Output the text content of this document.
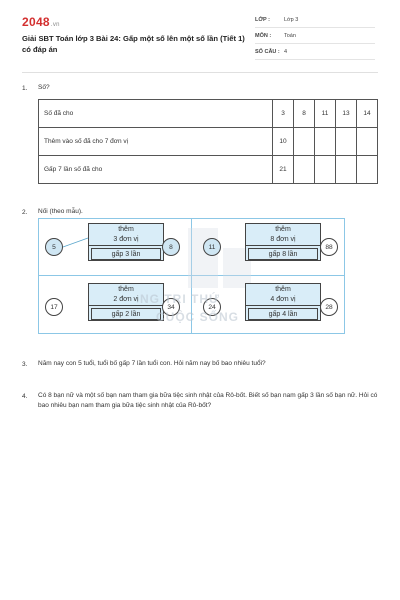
2048.vn
Giải SBT Toán lớp 3 Bài 24: Gấp một số lên một số lần (Tiết 1) có đáp án
LỚP :	Lớp 3
MÔN : Toán
SỐ CÂU : 4
1. Số?
Số đã cho	3	8	11	13	14
Thêm vào số đã cho 7 đơn vị	10				
Gấp 7 lần số đã cho	21				
2. Nối (theo mẫu).
5
thêm
3 đơn vị
gấp 3 lần
8	11
thêm
8 đơn vị
gấp 8 lần
88
17
thêm
2 đơn vị
gấp 2 lần
34	24
thêm
4 đơn vị
gấp 4 lần
28
NG TRI THỨ
CUỘC SỐNG
3. Năm nay con 5 tuổi, tuổi bố gấp 7 lần tuổi con. Hỏi năm nay bố bao nhiêu tuổi?
4. Có 8 bạn nữ và một số bạn nam tham gia bữa tiệc sinh nhật của Rô-bốt. Biết số bạn nam gấp 3 lần số bạn nữ. Hỏi có bao nhiêu bạn nam tham gia bữa tiệc sinh nhật của Rô-bốt?
